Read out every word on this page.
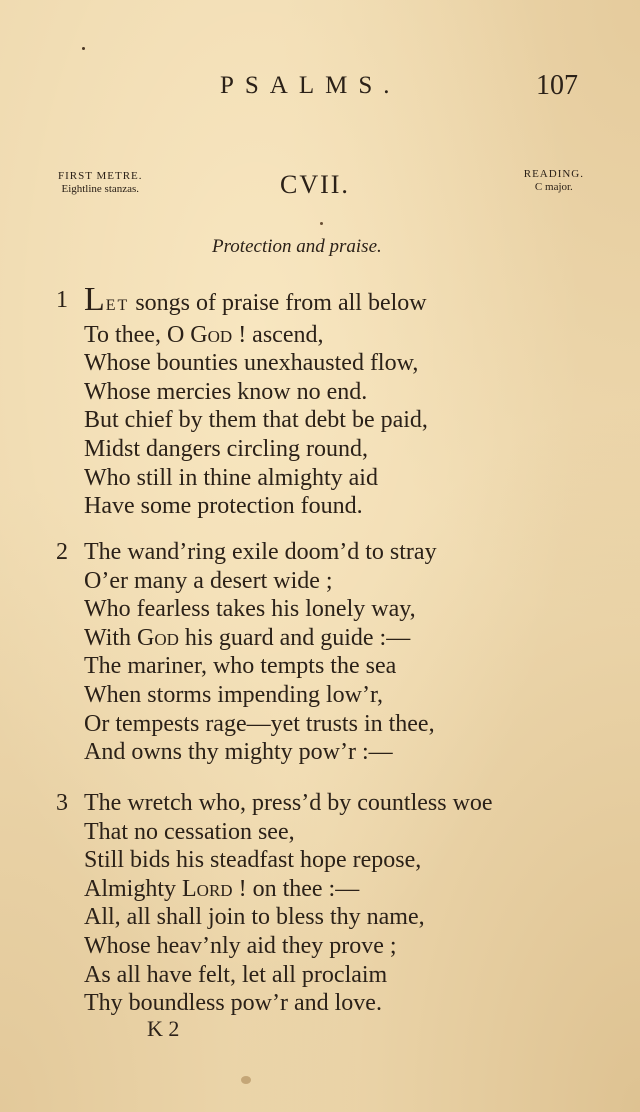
PSALMS.	107
FIRST METRE.
Eightline stanzas.	CVII.	READING.
C major.
Protection and praise.
1 LET songs of praise from all below
To thee, O God ! ascend,
Whose bounties unexhausted flow,
Whose mercies know no end.
But chief by them that debt be paid,
Midst dangers circling round,
Who still in thine almighty aid
Have some protection found.
2 The wand’ring exile doom’d to stray
O’er many a desert wide ;
Who fearless takes his lonely way,
With God his guard and guide :—
The mariner, who tempts the sea
When storms impending low’r,
Or tempests rage—yet trusts in thee,
And owns thy mighty pow’r :—
3 The wretch who, press’d by countless woe
That no cessation see,
Still bids his steadfast hope repose,
Almighty Lord ! on thee :—
All, all shall join to bless thy name,
Whose heav’nly aid they prove ;
As all have felt, let all proclaim
Thy boundless pow’r and love.
K 2
